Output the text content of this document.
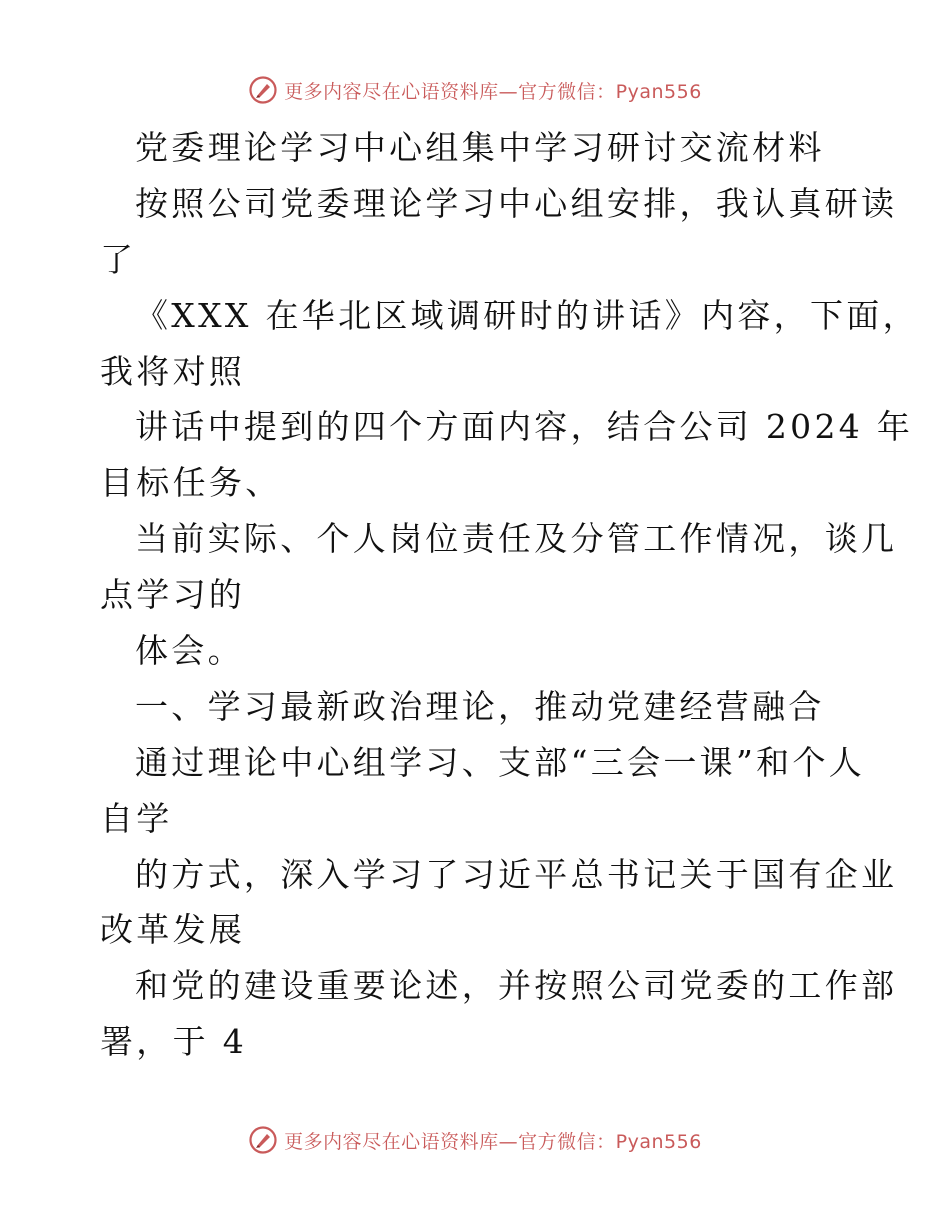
更多内容尽在心语资料库—官方微信：Pyan556
党委理论学习中心组集中学习研讨交流材料
按照公司党委理论学习中心组安排，我认真研读
了
《XXX 在华北区域调研时的讲话》内容，下面，
我将对照
讲话中提到的四个方面内容，结合公司 2024 年
目标任务、
当前实际、个人岗位责任及分管工作情况，谈几
点学习的
体会。
一、学习最新政治理论，推动党建经营融合
通过理论中心组学习、支部“三会一课”和个人
自学
的方式，深入学习了习近平总书记关于国有企业
改革发展
和党的建设重要论述，并按照公司党委的工作部
署，于 4
更多内容尽在心语资料库—官方微信：Pyan556
